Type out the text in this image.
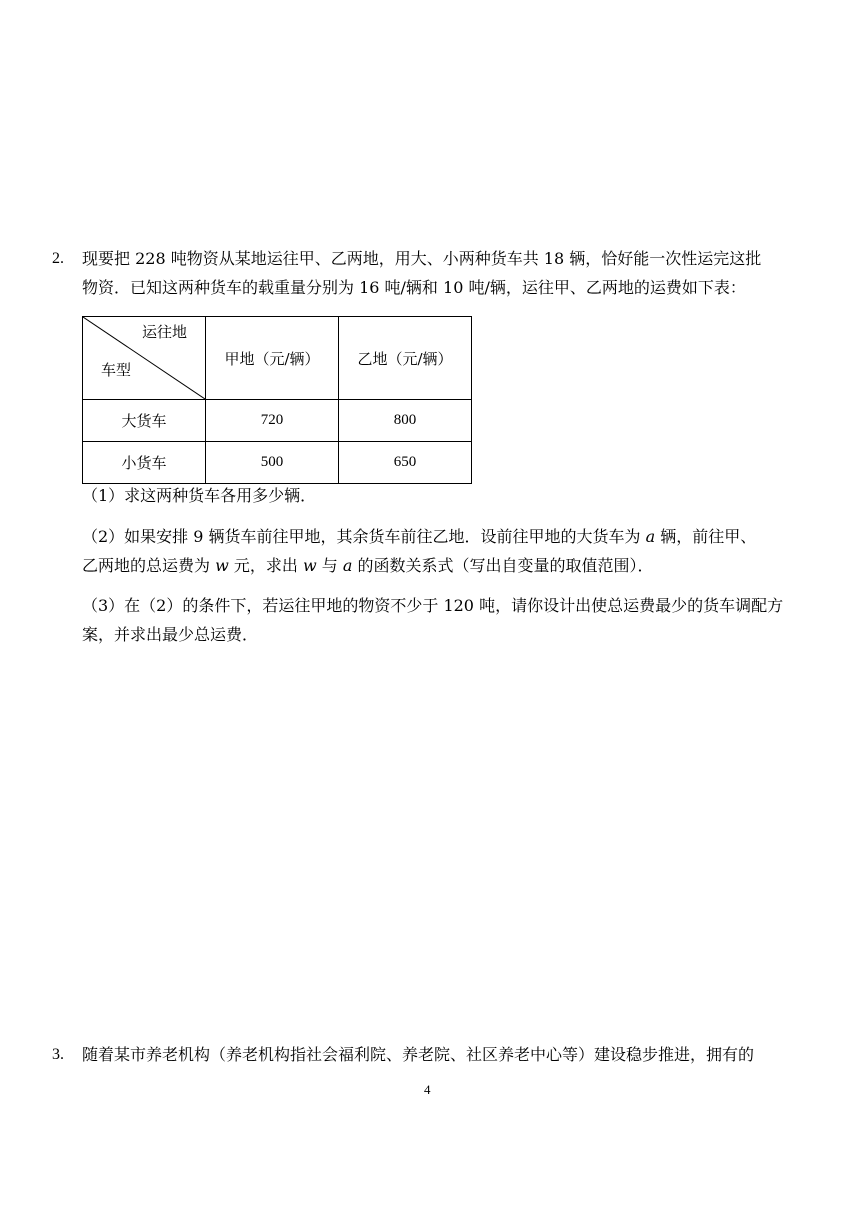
2. 现要把 228 吨物资从某地运往甲、乙两地，用大、小两种货车共 18 辆，恰好能一次性运完这批
物资．已知这两种货车的载重量分别为 16 吨/辆和 10 吨/辆，运往甲、乙两地的运费如下表：
运往地
车型	甲地（元/辆）	乙地（元/辆）
大货车	720	800
小货车	500	650
（1）求这两种货车各用多少辆．
（2）如果安排 9 辆货车前往甲地，其余货车前往乙地．设前往甲地的大货车为 a 辆，前往甲、
乙两地的总运费为 w 元，求出 w 与 a 的函数关系式（写出自变量的取值范围）．
（3）在（2）的条件下，若运往甲地的物资不少于 120 吨，请你设计出使总运费最少的货车调配方
案，并求出最少总运费．
3. 随着某市养老机构（养老机构指社会福利院、养老院、社区养老中心等）建设稳步推进，拥有的
4
